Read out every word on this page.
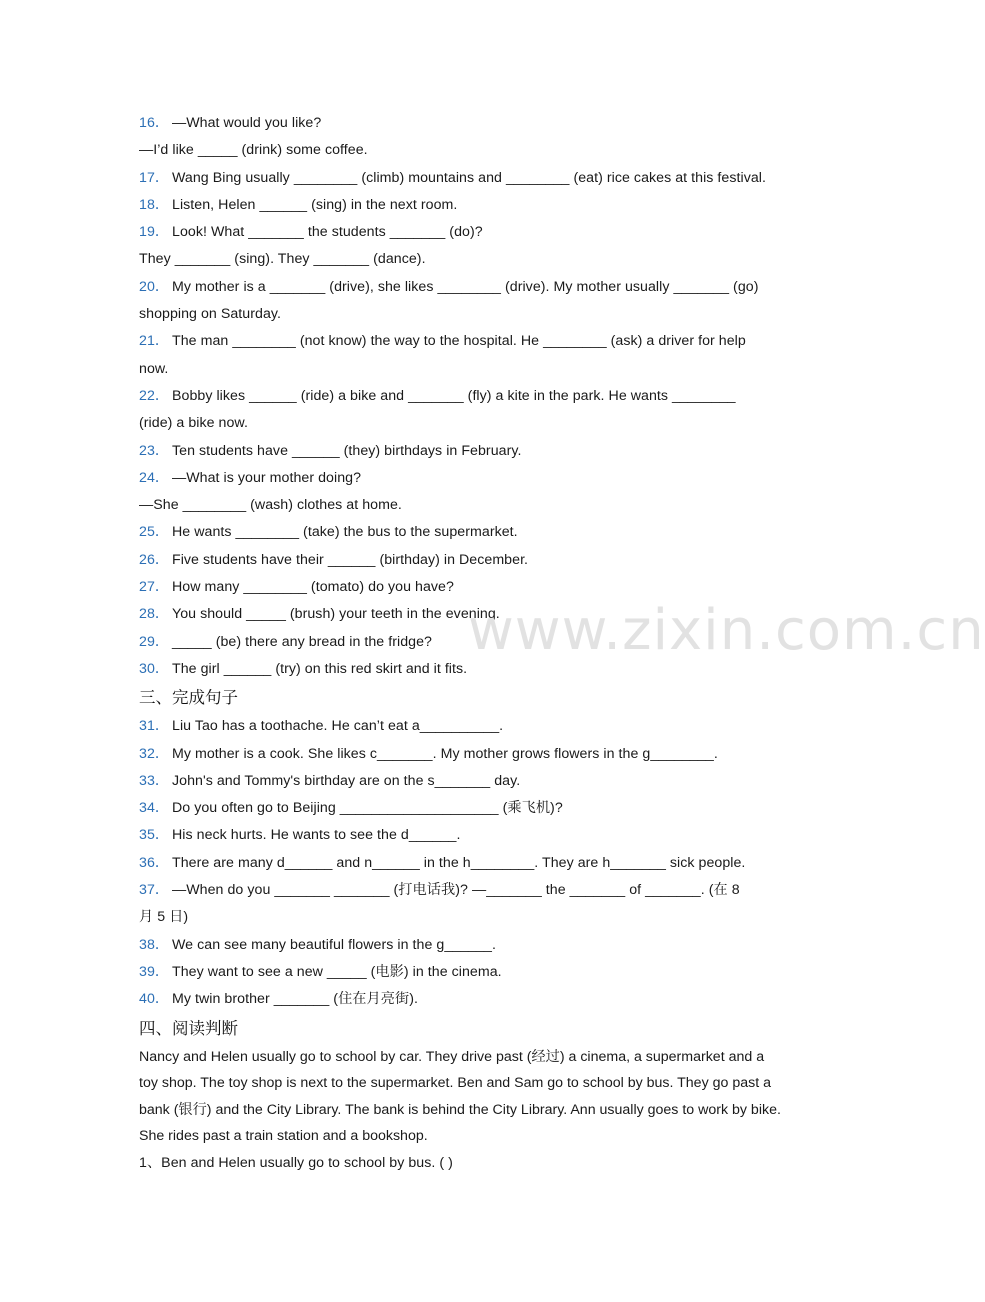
16． —What would you like?
—I’d like _____ (drink) some coffee.
17． Wang Bing usually ________ (climb) mountains and ________ (eat) rice cakes at this festival.
18． Listen, Helen ______ (sing) in the next room.
19． Look! What _______ the students _______ (do)?
They _______ (sing). They _______ (dance).
20． My mother is a _______ (drive), she likes ________ (drive). My mother usually _______ (go)
shopping on Saturday.
21． The man ________ (not know) the way to the hospital. He ________ (ask) a driver for help
now.
22． Bobby likes ______ (ride) a bike and _______ (fly) a kite in the park. He wants ________
(ride) a bike now.
23． Ten students have ______ (they) birthdays in February.
24． —What is your mother doing?
—She ________ (wash) clothes at home.
25． He wants ________ (take) the bus to the supermarket.
26． Five students have their ______ (birthday) in December.
27． How many ________ (tomato) do you have?
28． You should _____ (brush) your teeth in the evening.
29． _____ (be) there any bread in the fridge?
30． The girl ______ (try) on this red skirt and it fits.
三、完成句子
31． Liu Tao has a toothache. He can’t eat a__________.
32． My mother is a cook. She likes c_______. My mother grows flowers in the g________.
33． John's and Tommy's birthday are on the s_______ day.
34． Do you often go to Beijing ____________________ (乘飞机)?
35． His neck hurts. He wants to see the d______.
36． There are many d______ and n______ in the h________. They are h_______ sick people.
37． —When do you _______ _______ (打电话我)? —_______ the _______ of _______. (在 8
月 5 日)
38． We can see many beautiful flowers in the g______.
39． They want to see a new _____ (电影) in the cinema.
40． My twin brother _______ (住在月亮街).
四、阅读判断
Nancy and Helen usually go to school by car. They drive past (经过) a cinema, a supermarket and a toy shop. The toy shop is next to the supermarket. Ben and Sam go to school by bus. They go past a bank (银行) and the City Library. The bank is behind the City Library. Ann usually goes to work by bike. She rides past a train station and a bookshop.
1、Ben and Helen usually go to school by bus. ( )
www.zixin.com.cn
